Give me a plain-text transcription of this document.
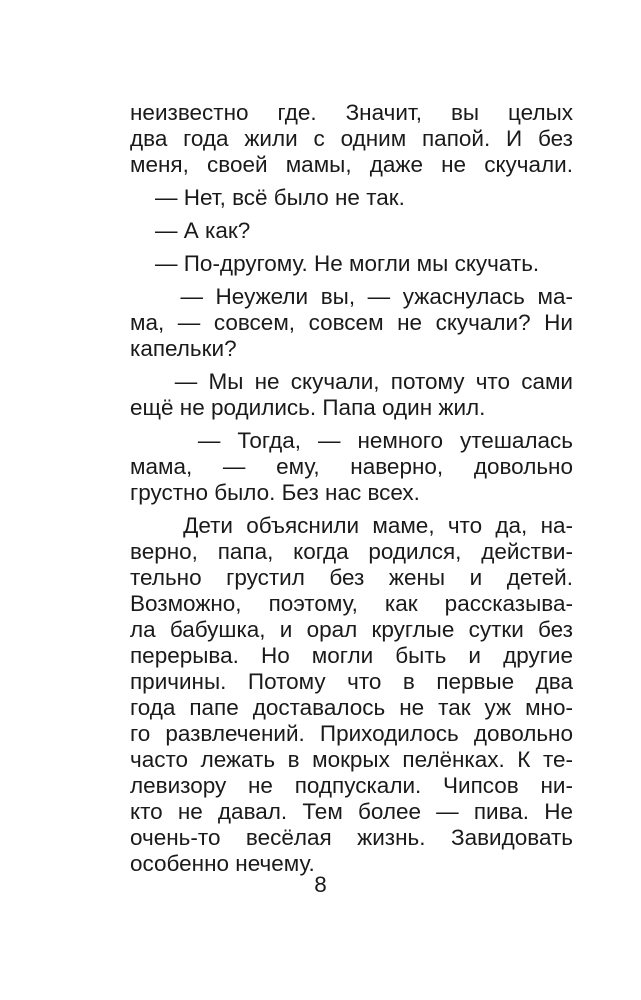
неизвестно где. Значит, вы целых
два года жили с одним папой. И без
меня, своей мамы, даже не скучали.
— Нет, всё было не так.
— А как?
— По-другому. Не могли мы скучать.
— Неужели вы, — ужаснулась ма-
ма, — совсем, совсем не скучали? Ни
капельки?
— Мы не скучали, потому что сами
ещё не родились. Папа один жил.
— Тогда, — немного утешалась
мама, — ему, наверно, довольно
грустно было. Без нас всех.
Дети объяснили маме, что да, на-
верно, папа, когда родился, действи-
тельно грустил без жены и детей.
Возможно, поэтому, как рассказыва-
ла бабушка, и орал круглые сутки без
перерыва. Но могли быть и другие
причины. Потому что в первые два
года папе доставалось не так уж мно-
го развлечений. Приходилось довольно
часто лежать в мокрых пелёнках. К те-
левизору не подпускали. Чипсов ни-
кто не давал. Тем более — пива. Не
очень-то весёлая жизнь. Завидовать
особенно нечему.
8
